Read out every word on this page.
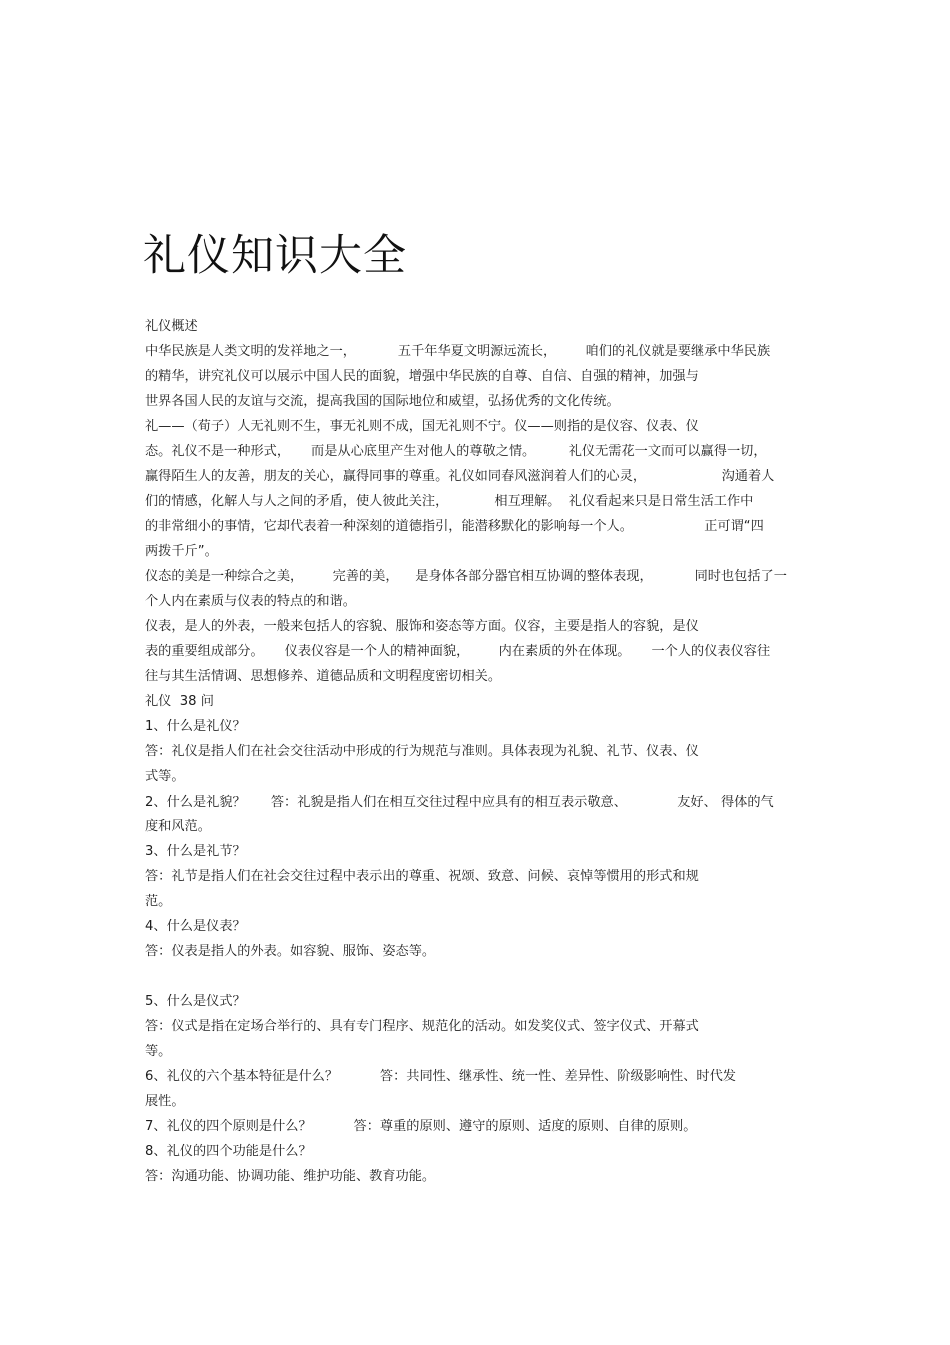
礼仪知识大全
礼仪概述
中华民族是人类文明的发祥地之一，          五千年华夏文明源远流长，       咱们的礼仪就是要继承中华民族
的精华，讲究礼仪可以展示中国人民的面貌，增强中华民族的自尊、自信、自强的精神，加强与
世界各国人民的友谊与交流，提高我国的国际地位和威望，弘扬优秀的文化传统。
礼——（荀子）人无礼则不生，事无礼则不成，国无礼则不宁。仪——则指的是仪容、仪表、仪
态。礼仪不是一种形式，     而是从心底里产生对他人的尊敬之情。        礼仪无需花一文而可以赢得一切，
赢得陌生人的友善，朋友的关心，赢得同事的尊重。礼仪如同春风滋润着人们的心灵，                  沟通着人
们的情感，化解人与人之间的矛盾，使人彼此关注，           相互理解。  礼仪看起来只是日常生活工作中
的非常细小的事情，它却代表着一种深刻的道德指引，能潜移默化的影响每一个人。                 正可谓“四
两拨千斤”。
仪态的美是一种综合之美，       完善的美，    是身体各部分器官相互协调的整体表现，          同时也包括了一
个人内在素质与仪表的特点的和谐。
仪表，是人的外表，一般来包括人的容貌、服饰和姿态等方面。仪容，主要是指人的容貌，是仪
表的重要组成部分。     仪表仪容是一个人的精神面貌，       内在素质的外在体现。     一个人的仪表仪容往
往与其生活情调、思想修养、道德品质和文明程度密切相关。
礼仪  38 问
1、什么是礼仪？
答：礼仪是指人们在社会交往活动中形成的行为规范与准则。具体表现为礼貌、礼节、仪表、仪
式等。
2、什么是礼貌？      答：礼貌是指人们在相互交往过程中应具有的相互表示敬意、            友好、 得体的气
度和风范。
3、什么是礼节？
答：礼节是指人们在社会交往过程中表示出的尊重、祝颂、致意、问候、哀悼等惯用的形式和规
范。
4、什么是仪表？
答：仪表是指人的外表。如容貌、服饰、姿态等。
5、什么是仪式？
答：仪式是指在定场合举行的、具有专门程序、规范化的活动。如发奖仪式、签字仪式、开幕式
等。
6、礼仪的六个基本特征是什么？          答：共同性、继承性、统一性、差异性、阶级影响性、时代发
展性。
7、礼仪的四个原则是什么？          答：尊重的原则、遵守的原则、适度的原则、自律的原则。
8、礼仪的四个功能是什么？
答：沟通功能、协调功能、维护功能、教育功能。
